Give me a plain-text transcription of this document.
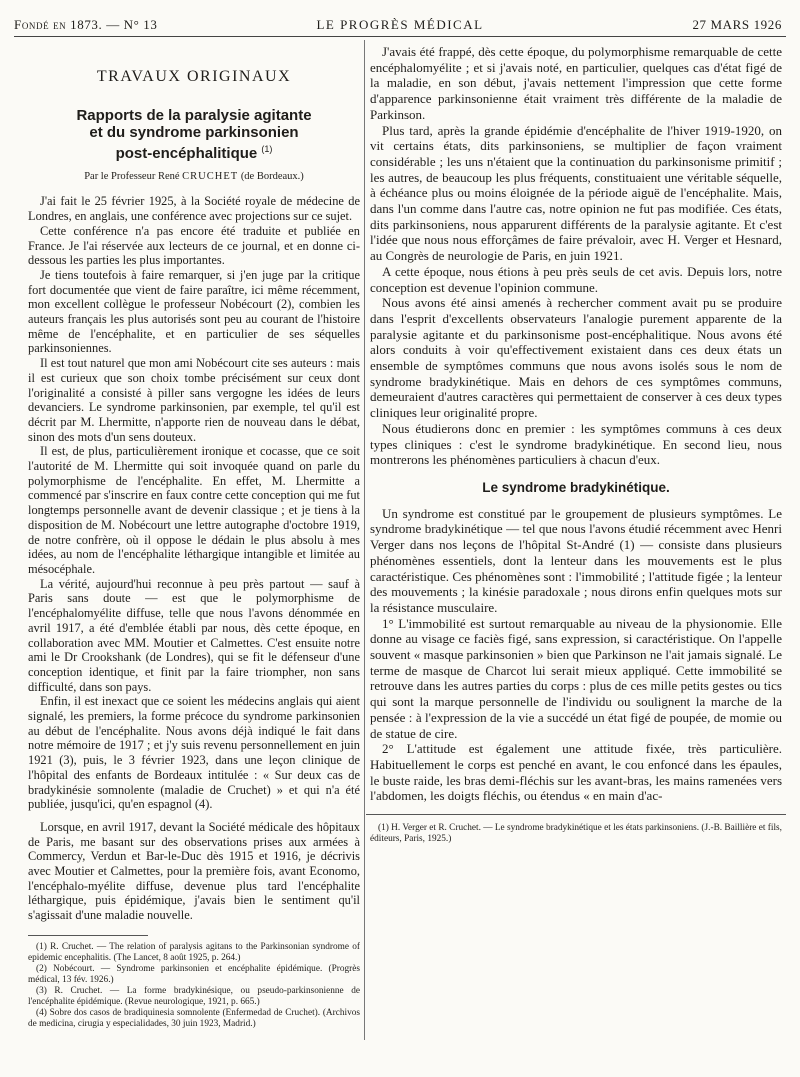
Fondé en 1873. — N° 13	LE PROGRÈS MÉDICAL	27 MARS 1926
TRAVAUX ORIGINAUX
Rapports de la paralysie agitante
et du syndrome parkinsonien
post-encéphalitique $^{(1)}$
Par le Professeur René CRUCHET (de Bordeaux.)

J'ai fait le 25 février 1925, à la Société royale de médecine de Londres, en anglais, une conférence avec projections sur ce sujet.

Cette conférence n'a pas encore été traduite et publiée en France. Je l'ai réservée aux lecteurs de ce journal, et en donne ci-dessous les parties les plus importantes.

Je tiens toutefois à faire remarquer, si j'en juge par la critique fort documentée que vient de faire paraître, ici même récemment, mon excellent collègue le professeur Nobécourt (2), combien les auteurs français les plus autorisés sont peu au courant de l'histoire même de l'encéphalite, et en particulier de ses séquelles parkinsoniennes.

Il est tout naturel que mon ami Nobécourt cite ses auteurs : mais il est curieux que son choix tombe précisément sur ceux dont l'originalité a consisté à piller sans vergogne les idées de leurs devanciers. Le syndrome parkinsonien, par exemple, tel qu'il est décrit par M. Lhermitte, n'apporte rien de nouveau dans le débat, sinon des mots d'un sens douteux.

Il est, de plus, particulièrement ironique et cocasse, que ce soit l'autorité de M. Lhermitte qui soit invoquée quand on parle du polymorphisme de l'encéphalite. En effet, M. Lhermitte a commencé par s'inscrire en faux contre cette conception qui me fut longtemps personnelle avant de devenir classique ; et je tiens à la disposition de M. Nobécourt une lettre autographe d'octobre 1919, de notre confrère, où il oppose le dédain le plus absolu à mes idées, au nom de l'encéphalite léthargique intangible et limitée au mésocéphale.

La vérité, aujourd'hui reconnue à peu près partout — sauf à Paris sans doute — est que le polymorphisme de l'encéphalomyélite diffuse, telle que nous l'avons dénommée en avril 1917, a été d'emblée établi par nous, dès cette époque, en collaboration avec MM. Moutier et Calmettes. C'est ensuite notre ami le Dr Crookshank (de Londres), qui se fit le défenseur d'une conception identique, et finit par la faire triompher, non sans difficulté, dans son pays.

Enfin, il est inexact que ce soient les médecins anglais qui aient signalé, les premiers, la forme précoce du syndrome parkinsonien au début de l'encéphalite. Nous avons déjà indiqué le fait dans notre mémoire de 1917 ; et j'y suis revenu personnellement en juin 1921 (3), puis, le 3 février 1923, dans une leçon clinique de l'hôpital des enfants de Bordeaux intitulée : « Sur deux cas de bradykinésie somnolente (maladie de Cruchet) » et qui n'a été publiée, jusqu'ici, qu'en espagnol (4).

Lorsque, en avril 1917, devant la Société médicale des hôpitaux de Paris, me basant sur des observations prises aux armées à Commercy, Verdun et Bar-le-Duc dès 1915 et 1916, je décrivis avec Moutier et Calmettes, pour la première fois, avant Economo, l'encéphalo-myélite diffuse, devenue plus tard l'encéphalite léthargique, puis épidémique, j'avais bien le sentiment qu'il s'agissait d'une maladie nouvelle.

(1) R. Cruchet. — The relation of paralysis agitans to the Parkinsonian syndrome of epidemic encephalitis. (The Lancet, 8 août 1925, p. 264.)

(2) Nobécourt. — Syndrome parkinsonien et encéphalite épidémique. (Progrès médical, 13 fév. 1926.)

(3) R. Cruchet. — La forme bradykinésique, ou pseudo-parkinsonienne de l'encéphalite épidémique. (Revue neurologique, 1921, p. 665.)

(4) Sobre dos casos de bradiquinesia somnolente (Enfermedad de Cruchet). (Archivos de medicina, cirugia y especialidades, 30 juin 1923, Madrid.)

J'avais été frappé, dès cette époque, du polymorphisme remarquable de cette encéphalomyélite ; et si j'avais noté, en particulier, quelques cas d'état figé de la maladie, en son début, j'avais nettement l'impression que cette forme d'apparence parkinsonienne était vraiment très différente de la maladie de Parkinson.

Plus tard, après la grande épidémie d'encéphalite de l'hiver 1919-1920, on vit certains états, dits parkinsoniens, se multiplier de façon vraiment considérable ; les uns n'étaient que la continuation du parkinsonisme primitif ; les autres, de beaucoup les plus fréquents, constituaient une véritable séquelle, à échéance plus ou moins éloignée de la période aiguë de l'encéphalite. Mais, dans l'un comme dans l'autre cas, notre opinion ne fut pas modifiée. Ces états, dits parkinsoniens, nous apparurent différents de la paralysie agitante. Et c'est l'idée que nous nous efforçâmes de faire prévaloir, avec H. Verger et Hesnard, au Congrès de neurologie de Paris, en juin 1921.

A cette époque, nous étions à peu près seuls de cet avis. Depuis lors, notre conception est devenue l'opinion commune.

Nous avons été ainsi amenés à rechercher comment avait pu se produire dans l'esprit d'excellents observateurs l'analogie purement apparente de la paralysie agitante et du parkinsonisme post-encéphalitique. Nous avons été alors conduits à voir qu'effectivement existaient dans ces deux états un ensemble de symptômes communs que nous avons isolés sous le nom de syndrome bradykinétique. Mais en dehors de ces symptômes communs, demeuraient d'autres caractères qui permettaient de conserver à ces deux types cliniques leur originalité propre.

Nous étudierons donc en premier : les symptômes communs à ces deux types cliniques : c'est le syndrome bradykinétique. En second lieu, nous montrerons les phénomènes particuliers à chacun d'eux.

Le syndrome bradykinétique.

Un syndrome est constitué par le groupement de plusieurs symptômes. Le syndrome bradykinétique — tel que nous l'avons étudié récemment avec Henri Verger dans nos leçons de l'hôpital St-André (1) — consiste dans plusieurs phénomènes essentiels, dont la lenteur dans les mouvements est le plus caractéristique. Ces phénomènes sont : l'immobilité ; l'attitude figée ; la lenteur des mouvements ; la kinésie paradoxale ; nous dirons enfin quelques mots sur la résistance musculaire.

1° L'immobilité est surtout remarquable au niveau de la physionomie. Elle donne au visage ce faciès figé, sans expression, si caractéristique. On l'appelle souvent « masque parkinsonien » bien que Parkinson ne l'ait jamais signalé. Le terme de masque de Charcot lui serait mieux appliqué. Cette immobilité se retrouve dans les autres parties du corps : plus de ces mille petits gestes ou tics qui sont la marque personnelle de l'individu ou soulignent la marche de la pensée : à l'expression de la vie a succédé un état figé de poupée, de momie ou de statue de cire.

2° L'attitude est également une attitude fixée, très particulière. Habituellement le corps est penché en avant, le cou enfoncé dans les épaules, le buste raide, les bras demi-fléchis sur les avant-bras, les mains ramenées vers l'abdomen, les doigts fléchis, ou étendus « en main d'ac-

(1) H. Verger et R. Cruchet. — Le syndrome bradykinétique et les états parkinsoniens. (J.-B. Baillière et fils, éditeurs, Paris, 1925.)
